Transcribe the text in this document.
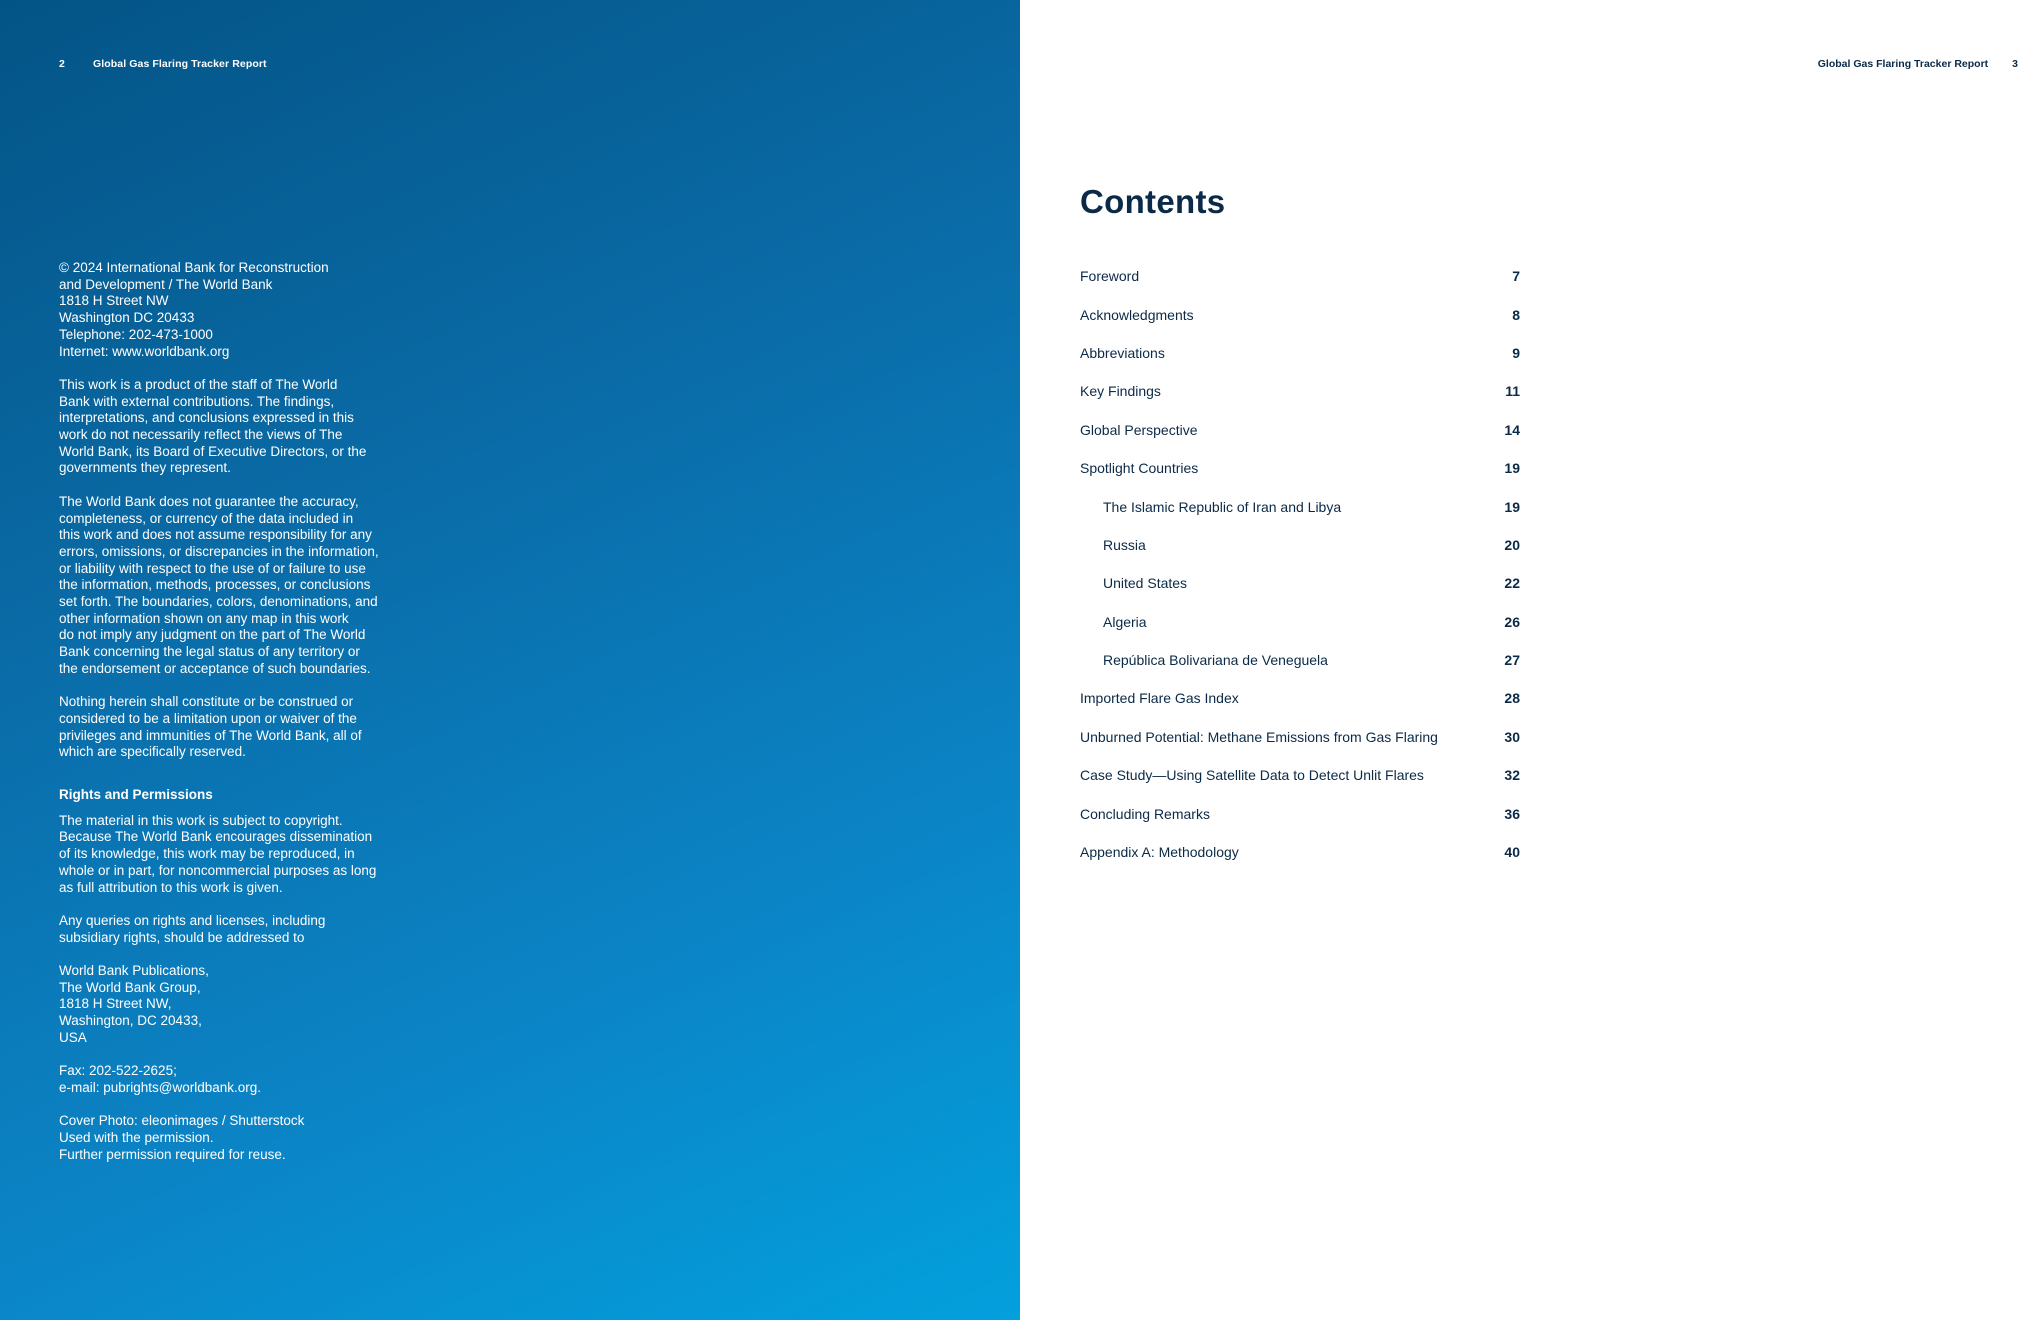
2	Global Gas Flaring Tracker Report

© 2024 International Bank for Reconstruction
and Development / The World Bank
1818 H Street NW
Washington DC 20433
Telephone: 202-473-1000
Internet: www.worldbank.org

This work is a product of the staff of The World
Bank with external contributions. The findings,
interpretations, and conclusions expressed in this
work do not necessarily reflect the views of The
World Bank, its Board of Executive Directors, or the
governments they represent.

The World Bank does not guarantee the accuracy,
completeness, or currency of the data included in
this work and does not assume responsibility for any
errors, omissions, or discrepancies in the information,
or liability with respect to the use of or failure to use
the information, methods, processes, or conclusions
set forth. The boundaries, colors, denominations, and
other information shown on any map in this work
do not imply any judgment on the part of The World
Bank concerning the legal status of any territory or
the endorsement or acceptance of such boundaries.

Nothing herein shall constitute or be construed or
considered to be a limitation upon or waiver of the
privileges and immunities of The World Bank, all of
which are specifically reserved.

Rights and Permissions

The material in this work is subject to copyright.
Because The World Bank encourages dissemination
of its knowledge, this work may be reproduced, in
whole or in part, for noncommercial purposes as long
as full attribution to this work is given.

Any queries on rights and licenses, including
subsidiary rights, should be addressed to

World Bank Publications,
The World Bank Group,
1818 H Street NW,
Washington, DC 20433,
USA

Fax: 202-522-2625;
e-mail: pubrights@worldbank.org.

Cover Photo: eleonimages / Shutterstock
Used with the permission.
Further permission required for reuse.

Global Gas Flaring Tracker Report 3
Contents
Foreword	7
Acknowledgments	8
Abbreviations	9
Key Findings	11
Global Perspective	14
Spotlight Countries	19
The Islamic Republic of Iran and Libya	19
Russia	20
United States	22
Algeria	26
República Bolivariana de Veneguela	27
Imported Flare Gas Index	28
Unburned Potential: Methane Emissions from Gas Flaring	30
Case Study—Using Satellite Data to Detect Unlit Flares	32
Concluding Remarks	36
Appendix A: Methodology	40
